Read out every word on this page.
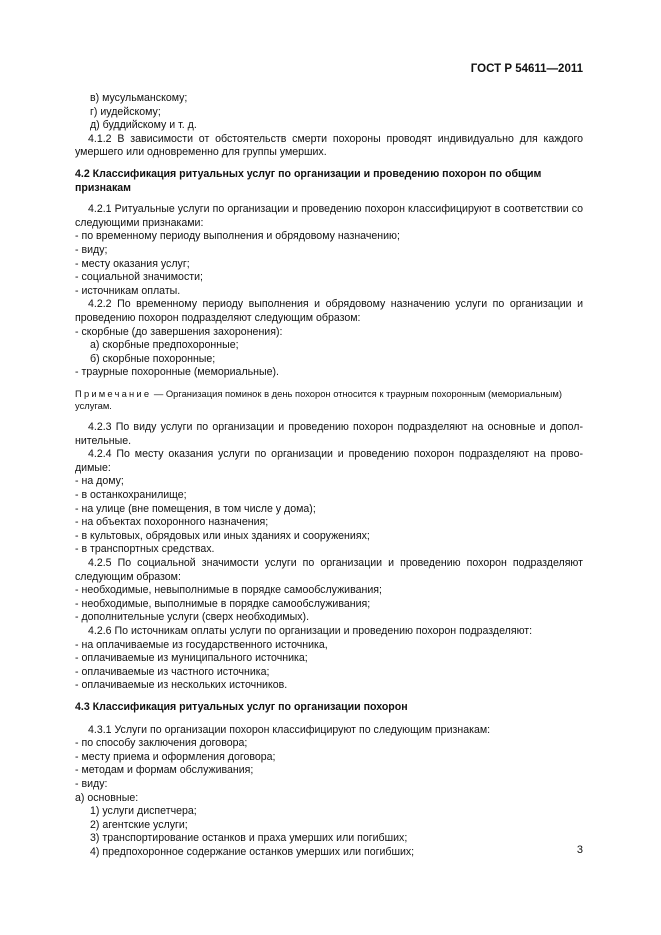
ГОСТ Р 54611—2011

в) мусульманскому;

г) иудейскому;

д) буддийскому и т. д.

4.1.2 В зависимости от обстоятельств смерти похороны проводят индивидуально для каждого умершего или одновременно для группы умерших.

4.2 Классификация ритуальных услуг по организации и проведению похорон по общим признакам

4.2.1 Ритуальные услуги по организации и проведению похорон классифицируют в соответствии со следующими признаками:

- по временному периоду выполнения и обрядовому назначению;

- виду;

- месту оказания услуг;

- социальной значимости;

- источникам оплаты.

4.2.2 По временному периоду выполнения и обрядовому назначению услуги по организации и проведению похорон подразделяют следующим образом:

- скорбные (до завершения захоронения):

а) скорбные предпохоронные;

б) скорбные похоронные;

- траурные похоронные (мемориальные).

Примечание — Организация поминок в день похорон относится к траурным похоронным (мемориальным) услугам.

4.2.3 По виду услуги по организации и проведению похорон подразделяют на основные и дополнительные.

4.2.4 По месту оказания услуги по организации и проведению похорон подразделяют на проводимые:

- на дому;

- в останкохранилище;

- на улице (вне помещения, в том числе у дома);

- на объектах похоронного назначения;

- в культовых, обрядовых или иных зданиях и сооружениях;

- в транспортных средствах.

4.2.5 По социальной значимости услуги по организации и проведению похорон подразделяют следующим образом:

- необходимые, невыполнимые в порядке самообслуживания;

- необходимые, выполнимые в порядке самообслуживания;

- дополнительные услуги (сверх необходимых).

4.2.6 По источникам оплаты услуги по организации и проведению похорон подразделяют:

- на оплачиваемые из государственного источника,

- оплачиваемые из муниципального источника;

- оплачиваемые из частного источника;

- оплачиваемые из нескольких источников.

4.3 Классификация ритуальных услуг по организации похорон

4.3.1 Услуги по организации похорон классифицируют по следующим признакам:

- по способу заключения договора;

- месту приема и оформления договора;

- методам и формам обслуживания;

- виду:

а) основные:

1) услуги диспетчера;

2) агентские услуги;

3) транспортирование останков и праха умерших или погибших;

4) предпохоронное содержание останков умерших или погибших;	3
